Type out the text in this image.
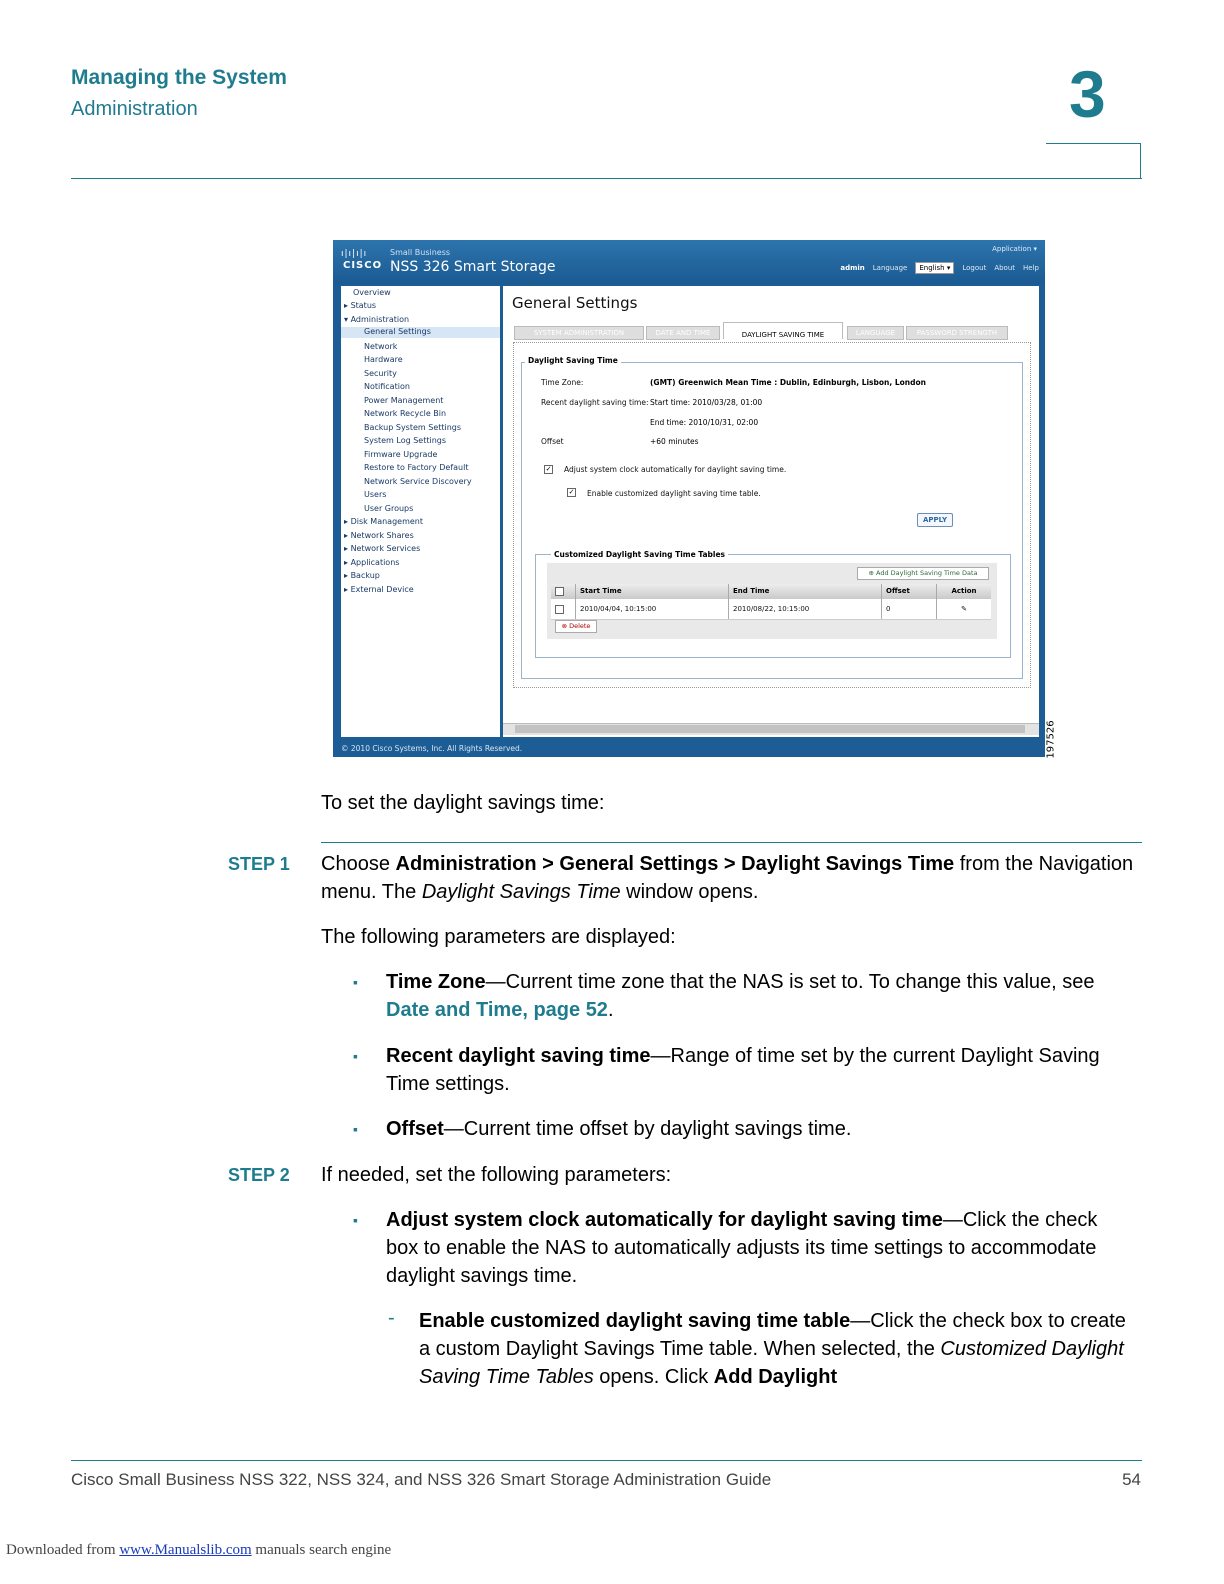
Managing the System
Administration	3
ı|ı|ı|ı
CISCO
Small Business
NSS 326 Smart Storage
Application ▾
admin Language	English ▾	Logout About Help
Overview
▸ Status
▾ Administration
General Settings
Network
Hardware
Security
Notification
Power Management
Network Recycle Bin
Backup System Settings
System Log Settings
Firmware Upgrade
Restore to Factory Default
Network Service Discovery
Users
User Groups
▸ Disk Management
▸ Network Shares
▸ Network Services
▸ Applications
▸ Backup
▸ External Device
General Settings
SYSTEM ADMINISTRATION	DATE AND TIME	DAYLIGHT SAVING TIME	LANGUAGE	PASSWORD STRENGTH
Daylight Saving Time
Time Zone:	(GMT) Greenwich Mean Time : Dublin, Edinburgh, Lisbon, London
Recent daylight saving time: Start time: 2010/03/28, 01:00
End time: 2010/10/31, 02:00
Offset	+60 minutes
✓ Adjust system clock automatically for daylight saving time.
✓ Enable customized daylight saving time table.
APPLY
Customized Daylight Saving Time Tables
⊕ Add Daylight Saving Time Data
Start Time	End Time	Offset	Action
2010/04/04, 10:15:00	2010/08/22, 10:15:00	0	✎
⊗ Delete
© 2010 Cisco Systems, Inc. All Rights Reserved.	197526
To set the daylight savings time:
STEP 1 Choose Administration > General Settings > Daylight Savings Time from the Navigation menu. The Daylight Savings Time window opens.
The following parameters are displayed:
▪ Time Zone—Current time zone that the NAS is set to. To change this value, see Date and Time, page 52.
▪ Recent daylight saving time—Range of time set by the current Daylight Saving Time settings.
▪ Offset—Current time offset by daylight savings time.
STEP 2 If needed, set the following parameters:
▪ Adjust system clock automatically for daylight saving time—Click the check box to enable the NAS to automatically adjusts its time settings to accommodate daylight savings time.
- Enable customized daylight saving time table—Click the check box to create a custom Daylight Savings Time table. When selected, the Customized Daylight Saving Time Tables opens. Click Add Daylight
Cisco Small Business NSS 322, NSS 324, and NSS 326 Smart Storage Administration Guide	54
Downloaded from www.Manualslib.com manuals search engine
